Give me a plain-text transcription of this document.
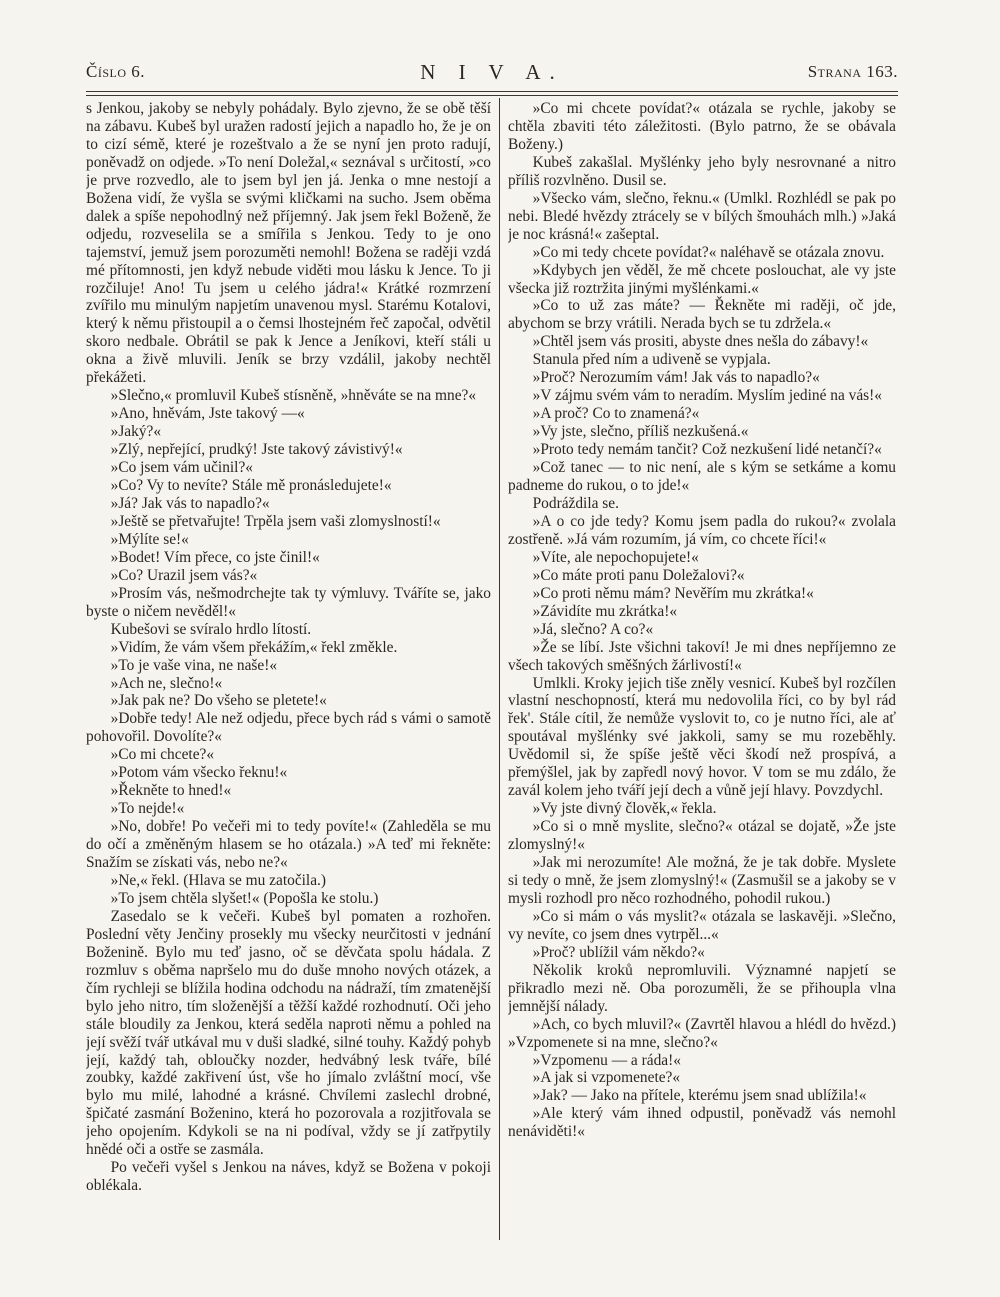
Číslo 6.	N I V A.	Strana 163.

s Jenkou, jakoby se nebyly pohádaly. Bylo zjevno, že se obě těší na zábavu. Kubeš byl uražen radostí jejich a napadlo ho, že je on to cizí sémě, které je rozeštvalo a že se nyní jen proto radují, poněvadž on odjede. »To není Doležal,« seznával s určitostí, »co je prve rozvedlo, ale to jsem byl jen já. Jenka o mne nestojí a Božena vidí, že vyšla se svými kličkami na sucho. Jsem oběma dalek a spíše nepohodlný než příjemný. Jak jsem řekl Boženě, že odjedu, rozveselila se a smířila s Jenkou. Tedy to je ono tajemství, jemuž jsem porozuměti nemohl! Božena se raději vzdá mé přítomnosti, jen když nebude viděti mou lásku k Jence. To ji rozčiluje! Ano! Tu jsem u celého jádra!« Krátké rozmrzení zvířilo mu minulým napjetím unavenou mysl. Starému Kotalovi, který k němu přistoupil a o čemsi lhostejném řeč započal, odvětil skoro nedbale. Obrátil se pak k Jence a Jeníkovi, kteří stáli u okna a živě mluvili. Jeník se brzy vzdálil, jakoby nechtěl překážeti.

»Slečno,« promluvil Kubeš stísněně, »hněváte se na mne?«

»Ano, hněvám, Jste takový —«

»Jaký?«

»Zlý, nepřející, prudký! Jste takový závistivý!«

»Co jsem vám učinil?«

»Co? Vy to nevíte? Stále mě pronásledujete!«

»Já? Jak vás to napadlo?«

»Ještě se přetvařujte! Trpěla jsem vaši zlomyslností!«

»Mýlíte se!«

»Bodet! Vím přece, co jste činil!«

»Co? Urazil jsem vás?«

»Prosím vás, nešmodrchejte tak ty výmluvy. Tváříte se, jako byste o ničem nevěděl!«

Kubešovi se svíralo hrdlo lítostí.

»Vidím, že vám všem překážím,« řekl změkle.

»To je vaše vina, ne naše!«

»Ach ne, slečno!«

»Jak pak ne? Do všeho se pletete!«

»Dobře tedy! Ale než odjedu, přece bych rád s vámi o samotě pohovořil. Dovolíte?«

»Co mi chcete?«

»Potom vám všecko řeknu!«

»Řekněte to hned!«

»To nejde!«

»No, dobře! Po večeři mi to tedy povíte!« (Zahleděla se mu do očí a změněným hlasem se ho otázala.) »A teď mi řekněte: Snažím se získati vás, nebo ne?«

»Ne,« řekl. (Hlava se mu zatočila.)

»To jsem chtěla slyšet!« (Popošla ke stolu.)

Zasedalo se k večeři. Kubeš byl pomaten a rozhořen. Poslední věty Jenčiny prosekly mu všecky neurčitosti v jednání Boženině. Bylo mu teď jasno, oč se děvčata spolu hádala. Z rozmluv s oběma napršelo mu do duše mnoho nových otázek, a čím rychleji se blížila hodina odchodu na nádraží, tím zmatenější bylo jeho nitro, tím složenější a těžší každé rozhodnutí. Oči jeho stále bloudily za Jenkou, která seděla naproti němu a pohled na její svěží tvář utkával mu v duši sladké, silné touhy. Každý pohyb její, každý tah, obloučky nozder, hedvábný lesk tváře, bílé zoubky, každé zakřivení úst, vše ho jímalo zvláštní mocí, vše bylo mu milé, lahodné a krásné. Chvílemi zaslechl drobné, špičaté zasmání Boženino, která ho pozorovala a rozjitřovala se jeho opojením. Kdykoli se na ni podíval, vždy se jí zatřpytily hnědé oči a ostře se zasmála.

Po večeři vyšel s Jenkou na náves, když se Božena v pokoji oblékala.

»Co mi chcete povídat?« otázala se rychle, jakoby se chtěla zbaviti této záležitosti. (Bylo patrno, že se obávala Boženy.)

Kubeš zakašlal. Myšlénky jeho byly nesrovnané a nitro příliš rozvlněno. Dusil se.

»Všecko vám, slečno, řeknu.« (Umlkl. Rozhlédl se pak po nebi. Bledé hvězdy ztrácely se v bílých šmouhách mlh.) »Jaká je noc krásná!« zašeptal.

»Co mi tedy chcete povídat?« naléhavě se otázala znovu.

»Kdybych jen věděl, že mě chcete poslouchat, ale vy jste všecka již roztržita jinými myšlénkami.«

»Co to už zas máte? — Řekněte mi raději, oč jde, abychom se brzy vrátili. Nerada bych se tu zdržela.«

»Chtěl jsem vás prositi, abyste dnes nešla do zábavy!«

Stanula před ním a udiveně se vypjala.

»Proč? Nerozumím vám! Jak vás to napadlo?«

»V zájmu svém vám to neradím. Myslím jediné na vás!«

»A proč? Co to znamená?«

»Vy jste, slečno, příliš nezkušená.«

»Proto tedy nemám tančit? Což nezkušení lidé netančí?«

»Což tanec — to nic není, ale s kým se setkáme a komu padneme do rukou, o to jde!«

Podráždila se.

»A o co jde tedy? Komu jsem padla do rukou?« zvolala zostřeně. »Já vám rozumím, já vím, co chcete říci!«

»Víte, ale nepochopujete!«

»Co máte proti panu Doležalovi?«

»Co proti němu mám? Nevěřím mu zkrátka!«

»Závidíte mu zkrátka!«

»Já, slečno? A co?«

»Že se líbí. Jste všichni takoví! Je mi dnes nepříjemno ze všech takových směšných žárlivostí!«

Umlkli. Kroky jejich tiše zněly vesnicí. Kubeš byl rozčílen vlastní neschopností, která mu nedovolila říci, co by byl rád řek'. Stále cítil, že nemůže vyslovit to, co je nutno říci, ale ať spoutával myšlénky své jakkoli, samy se mu rozeběhly. Uvědomil si, že spíše ještě věci škodí než prospívá, a přemýšlel, jak by zapředl nový hovor. V tom se mu zdálo, že zavál kolem jeho tváří její dech a vůně její hlavy. Povzdychl.

»Vy jste divný člověk,« řekla.

»Co si o mně myslite, slečno?« otázal se dojatě, »Že jste zlomyslný!«

»Jak mi nerozumíte! Ale možná, že je tak dobře. Myslete si tedy o mně, že jsem zlomyslný!« (Zasmušil se a jakoby se v mysli rozhodl pro něco rozhodného, pohodil rukou.)

»Co si mám o vás myslit?« otázala se laskavěji. »Slečno, vy nevíte, co jsem dnes vytrpěl...«

»Proč? ublížil vám někdo?«

Několik kroků nepromluvili. Významné napjetí se přikradlo mezi ně. Oba porozuměli, že se přihoupla vlna jemnější nálady.

»Ach, co bych mluvil?« (Zavrtěl hlavou a hlédl do hvězd.) »Vzpomenete si na mne, slečno?«

»Vzpomenu — a ráda!«

»A jak si vzpomenete?«

»Jak? — Jako na přítele, kterému jsem snad ublížila!«

»Ale který vám ihned odpustil, poněvadž vás nemohl nenáviděti!«
